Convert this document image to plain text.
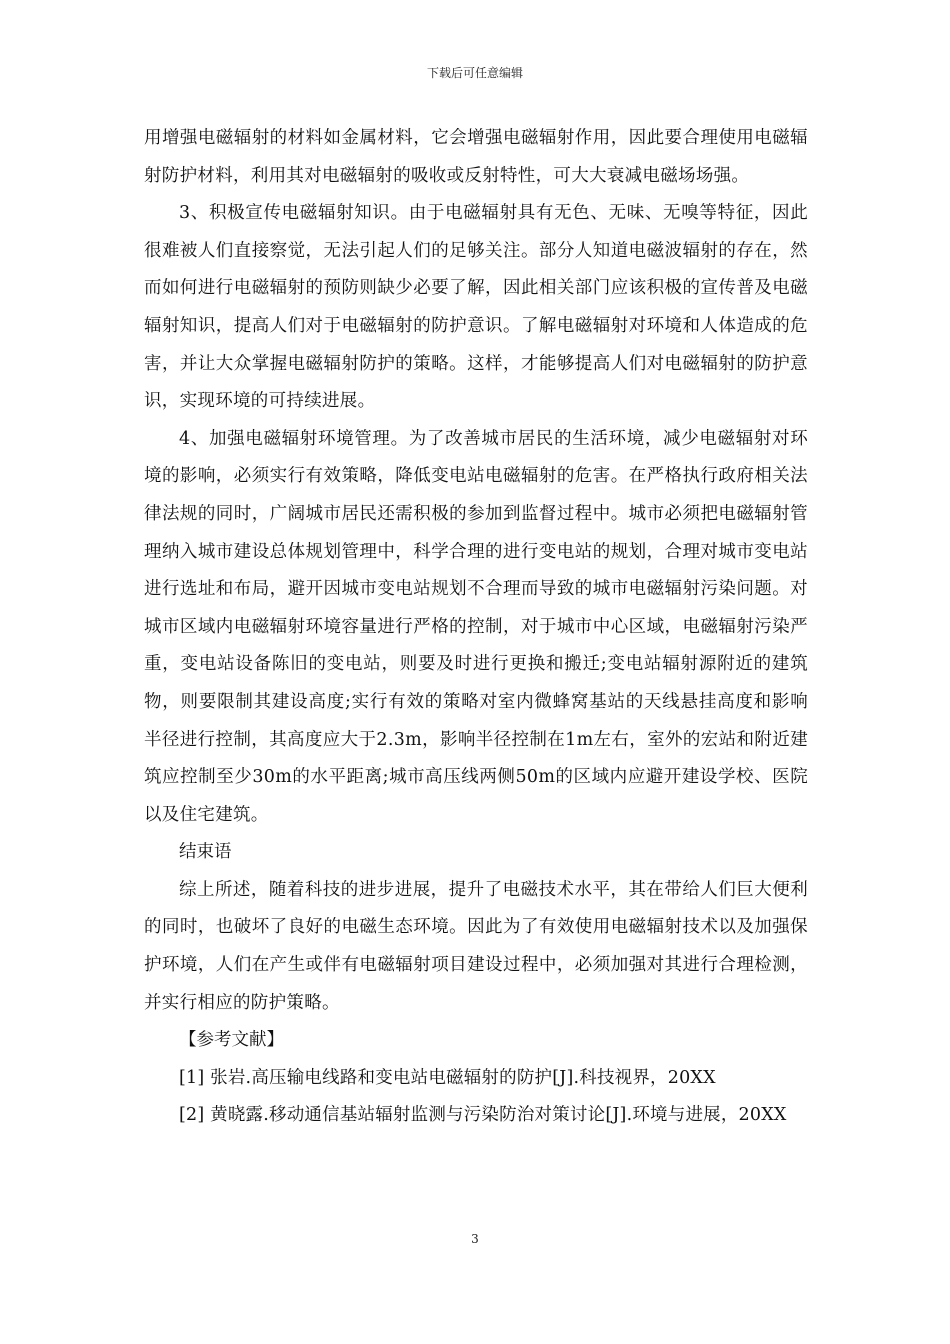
下载后可任意编辑

用增强电磁辐射的材料如金属材料，它会增强电磁辐射作用，因此要合理使用电磁辐射防护材料，利用其对电磁辐射的吸收或反射特性，可大大衰减电磁场场强。

3、积极宣传电磁辐射知识。由于电磁辐射具有无色、无味、无嗅等特征，因此很难被人们直接察觉，无法引起人们的足够关注。部分人知道电磁波辐射的存在，然而如何进行电磁辐射的预防则缺少必要了解，因此相关部门应该积极的宣传普及电磁辐射知识，提高人们对于电磁辐射的防护意识。了解电磁辐射对环境和人体造成的危害，并让大众掌握电磁辐射防护的策略。这样，才能够提高人们对电磁辐射的防护意识，实现环境的可持续进展。

4、加强电磁辐射环境管理。为了改善城市居民的生活环境，减少电磁辐射对环境的影响，必须实行有效策略，降低变电站电磁辐射的危害。在严格执行政府相关法律法规的同时，广阔城市居民还需积极的参加到监督过程中。城市必须把电磁辐射管理纳入城市建设总体规划管理中，科学合理的进行变电站的规划，合理对城市变电站进行选址和布局，避开因城市变电站规划不合理而导致的城市电磁辐射污染问题。对城市区域内电磁辐射环境容量进行严格的控制，对于城市中心区域，电磁辐射污染严重，变电站设备陈旧的变电站，则要及时进行更换和搬迁;变电站辐射源附近的建筑物，则要限制其建设高度;实行有效的策略对室内微蜂窝基站的天线悬挂高度和影响半径进行控制，其高度应大于2.3m，影响半径控制在1m左右，室外的宏站和附近建筑应控制至少30m的水平距离;城市高压线两侧50m的区域内应避开建设学校、医院以及住宅建筑。

结束语

综上所述，随着科技的进步进展，提升了电磁技术水平，其在带给人们巨大便利的同时，也破坏了良好的电磁生态环境。因此为了有效使用电磁辐射技术以及加强保护环境，人们在产生或伴有电磁辐射项目建设过程中，必须加强对其进行合理检测，并实行相应的防护策略。

【参考文献】

[1] 张岩.高压输电线路和变电站电磁辐射的防护[J].科技视界，20XX

[2] 黄晓露.移动通信基站辐射监测与污染防治对策讨论[J].环境与进展，20XX

3
